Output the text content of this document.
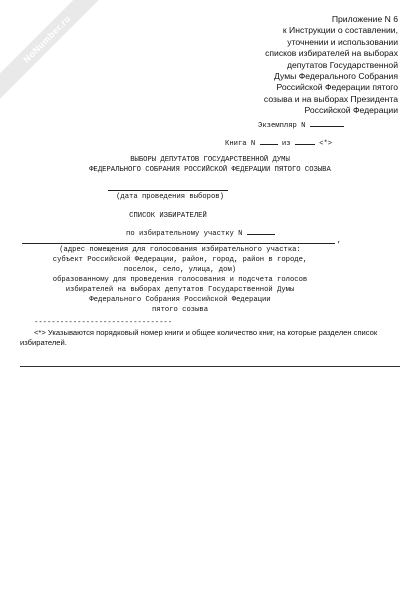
NoNumber.ru	Приложение N 6
к Инструкции о составлении,
уточнении и использовании
списков избирателей на выборах
депутатов Государственной
Думы Федерального Собрания
Российской Федерации пятого
созыва и на выборах Президента
Российской Федерации
Экземпляр N
Книга N	из	<*>
ВЫБОРЫ ДЕПУТАТОВ ГОСУДАРСТВЕННОЙ ДУМЫ
ФЕДЕРАЛЬНОГО СОБРАНИЯ РОССИЙСКОЙ ФЕДЕРАЦИИ ПЯТОГО СОЗЫВА
(дата проведения выборов)
СПИСОК ИЗБИРАТЕЛЕЙ
по избирательному участку N
,
(адрес помещения для голосования избирательного участка:
субъект Российской Федерации, район, город, район в городе,
поселок, село, улица, дом)
образованному для проведения голосования и подсчета голосов
избирателей на выборах депутатов Государственной Думы
Федерального Собрания Российской Федерации
пятого созыва
--------------------------------
<*> Указываются порядковый номер книги и общее количество книг, на которые разделен список избирателей.
